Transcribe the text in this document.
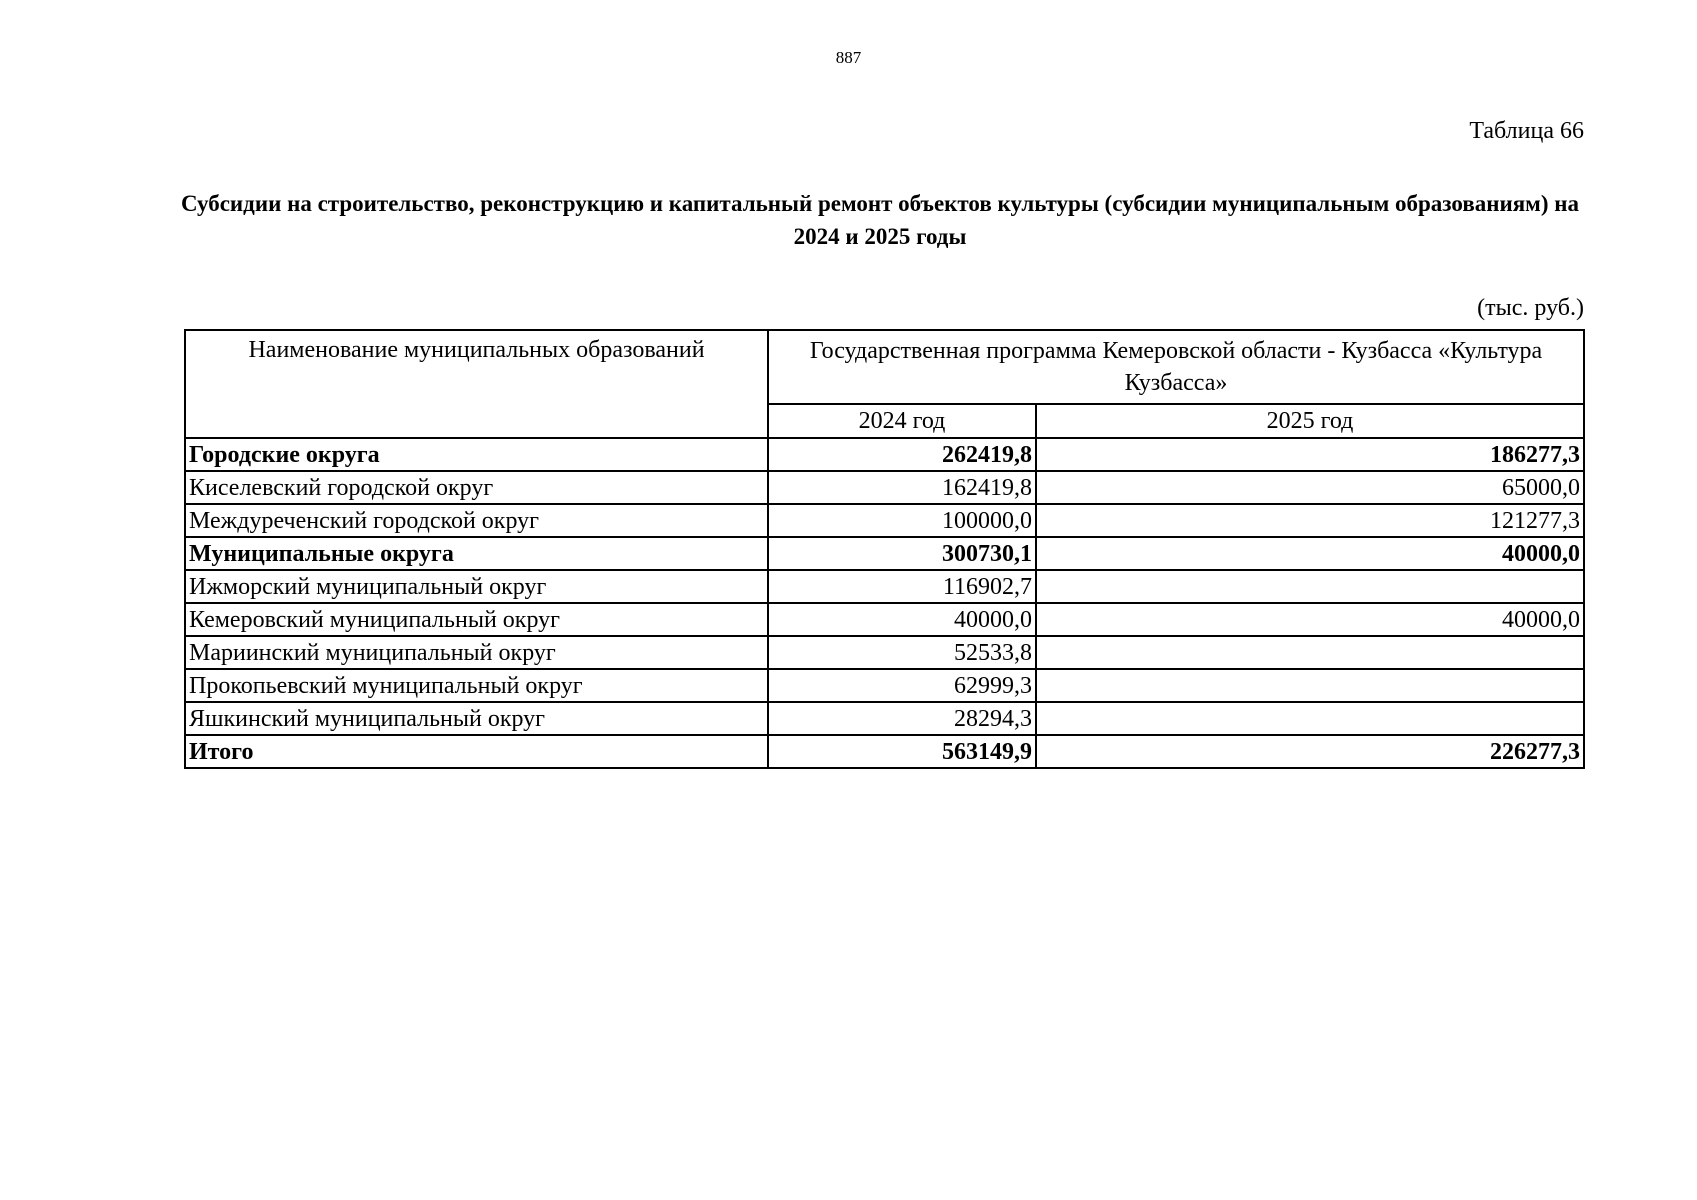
887
Таблица 66
Субсидии на строительство, реконструкцию и капитальный ремонт объектов культуры (субсидии муниципальным образованиям) на 2024 и 2025 годы
(тыс. руб.)
Наименование муниципальных образований	Государственная программа Кемеровской области - Кузбасса «Культура Кузбасса»	
	2024 год	2025 год
Городские округа	262419,8	186277,3
Киселевский городской округ	162419,8	65000,0
Междуреченский городской округ	100000,0	121277,3
Муниципальные округа	300730,1	40000,0
Ижморский муниципальный округ	116902,7	
Кемеровский муниципальный округ	40000,0	40000,0
Мариинский муниципальный округ	52533,8	
Прокопьевский муниципальный округ	62999,3	
Яшкинский муниципальный округ	28294,3	
Итого	563149,9	226277,3
